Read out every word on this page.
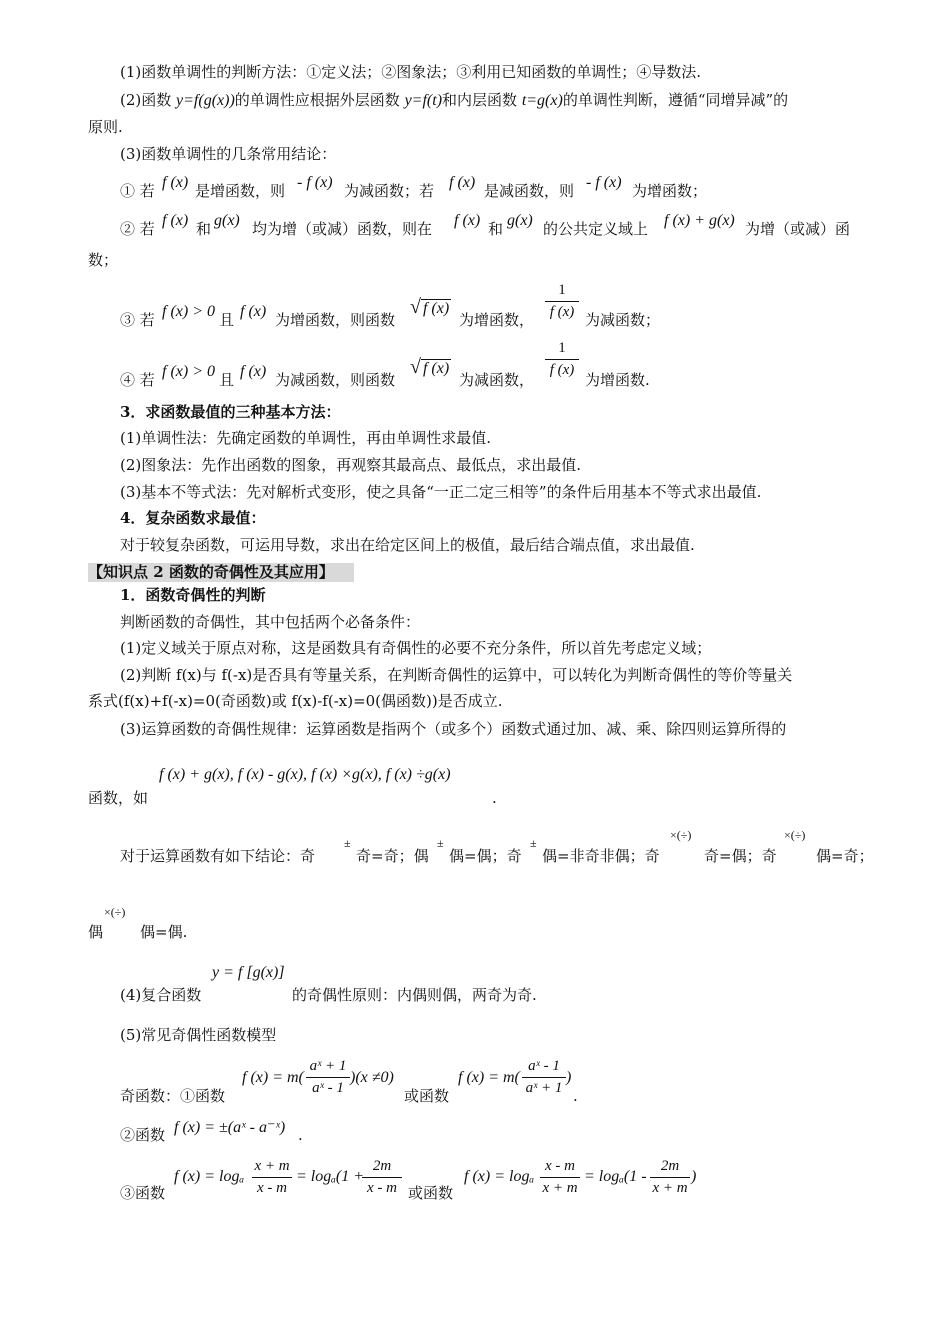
(1)函数单调性的判断方法：①定义法；②图象法；③利用已知函数的单调性；④导数法.
(2)函数 y=f(g(x))的单调性应根据外层函数 y=f(t)和内层函数 t=g(x)的单调性判断，遵循“同增异减”的
原则.
(3)函数单调性的几条常用结论：
① 若 f (x) 是增函数，则 - f (x) 为减函数；若 f (x) 是减函数，则 - f (x) 为增函数；
② 若 f (x) 和 g(x) 均为增（或减）函数，则在 f (x) 和 g(x) 的公共定义域上 f (x) + g(x) 为增（或减）函
数；
③ 若 f (x) > 0 且 f (x) 为增函数，则函数
√ f (x)
为增函数，
1
f (x) 为减函数；
④ 若 f (x) > 0 且 f (x) 为减函数，则函数
√ f (x)
为减函数，
1
f (x)
为增函数.
3．求函数最值的三种基本方法：
(1)单调性法：先确定函数的单调性，再由单调性求最值.
(2)图象法：先作出函数的图象，再观察其最高点、最低点，求出最值.
(3)基本不等式法：先对解析式变形，使之具备“一正二定三相等”的条件后用基本不等式求出最值.
4．复杂函数求最值：
对于较复杂函数，可运用导数，求出在给定区间上的极值，最后结合端点值，求出最值.
【知识点 2 函数的奇偶性及其应用】
1．函数奇偶性的判断
判断函数的奇偶性，其中包括两个必备条件：
(1)定义域关于原点对称，这是函数具有奇偶性的必要不充分条件，所以首先考虑定义域；
(2)判断 f(x)与 f(-x)是否具有等量关系，在判断奇偶性的运算中，可以转化为判断奇偶性的等价等量关
系式(f(x)+f(-x)=0(奇函数)或 f(x)-f(-x)=0(偶函数))是否成立.
(3)运算函数的奇偶性规律：运算函数是指两个（或多个）函数式通过加、减、乘、除四则运算所得的
函数，如
f (x) + g(x), f (x) - g(x), f (x) ×g(x), f (x) ÷g(x)
.
对于运算函数有如下结论：奇
±
奇=奇；偶
±
偶=偶；奇
±
偶=非奇非偶；奇
×(÷)
奇=偶；奇
×(÷)
偶=奇；
×(÷)
偶 偶=偶.
(4)复合函数
y = f [g(x)]
的奇偶性原则：内偶则偶，两奇为奇.
(5)常见奇偶性函数模型
奇函数：①函数
f (x) = m(
aˣ + 1
aˣ - 1
)(x ≠0)
或函数
f (x) = m(
aˣ - 1
aˣ + 1
)
.
②函数 f (x) = ±(aˣ - a⁻ˣ) .
③函数
f (x) = logₐ
x + m
x - m
= logₐ(1 +
2m
x - m 或函数
f (x) = logₐ
x - m
x + m
= logₐ(1 -
2m
x + m
)
